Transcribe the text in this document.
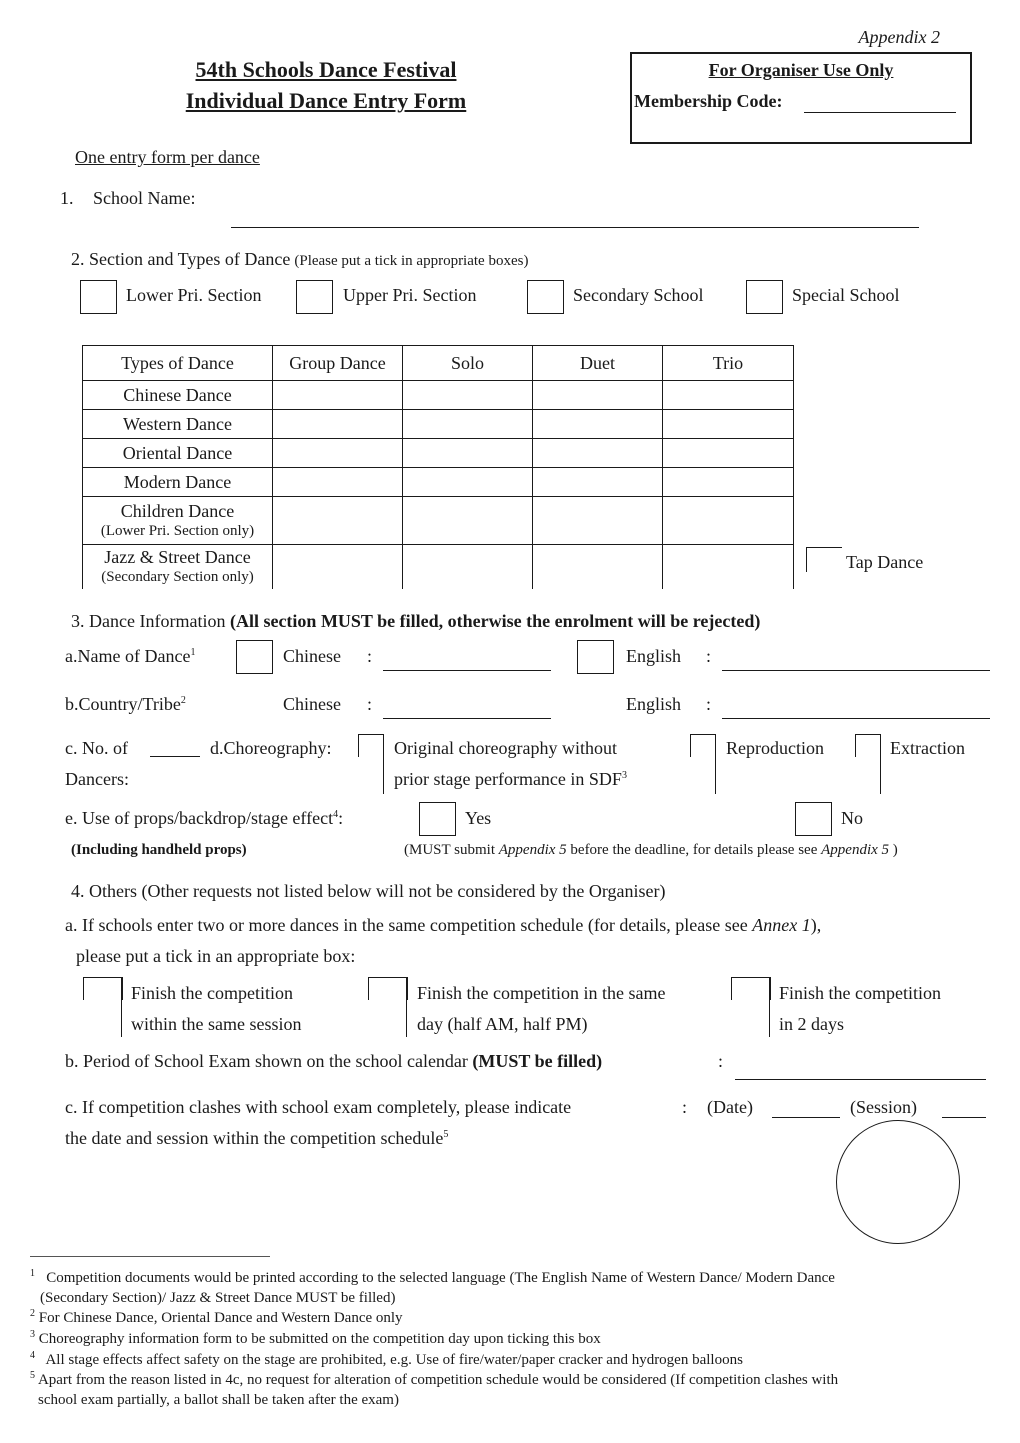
Appendix 2
54th Schools Dance Festival
Individual Dance Entry Form
For Organiser Use Only
Membership Code:
One entry form per dance
1. School Name:
2. Section and Types of Dance (Please put a tick in appropriate boxes)
Lower Pri. Section	Upper Pri. Section	Secondary School	Special School
Types of Dance	Group Dance	Solo	Duet	Trio
Chinese Dance				
Western Dance				
Oriental Dance				
Modern Dance				

Children Dance
(Lower Pri. Section only)				

Jazz & Street Dance
(Secondary Section only)				

Tap Dance
3. Dance Information (All section MUST be filled, otherwise the enrolment will be rejected)
a.Name of Dance$^1$	Chinese :	English :
b.Country/Tribe$^2$	Chinese :	English :
c. No. of
Dancers:
d.Choreography:	Original choreography without
prior stage performance in SDF$^3$
Reproduction	Extraction
e. Use of props/backdrop/stage effect$^4$:	Yes	No
(Including handheld props)	(MUST submit Appendix 5 before the deadline, for details please see Appendix 5 )
4. Others (Other requests not listed below will not be considered by the Organiser)
a. If schools enter two or more dances in the same competition schedule (for details, please see Annex 1),
please put a tick in an appropriate box:
Finish the competition
within the same session
Finish the competition in the same
day (half AM, half PM)
Finish the competition
in 2 days
b. Period of School Exam shown on the school calendar (MUST be filled)	:
c. If competition clashes with school exam completely, please indicate
the date and session within the competition schedule$^5$
: (Date)	(Session)
$^1$ Competition documents would be printed according to the selected language (The English Name of Western Dance/ Modern Dance
(Secondary Section)/ Jazz & Street Dance MUST be filled)
$^2$ For Chinese Dance, Oriental Dance and Western Dance only
$^3$ Choreography information form to be submitted on the competition day upon ticking this box
$^4$ All stage effects affect safety on the stage are prohibited, e.g. Use of fire/water/paper cracker and hydrogen balloons
$^5$ Apart from the reason listed in 4c, no request for alteration of competition schedule would be considered (If competition clashes with
school exam partially, a ballot shall be taken after the exam)
